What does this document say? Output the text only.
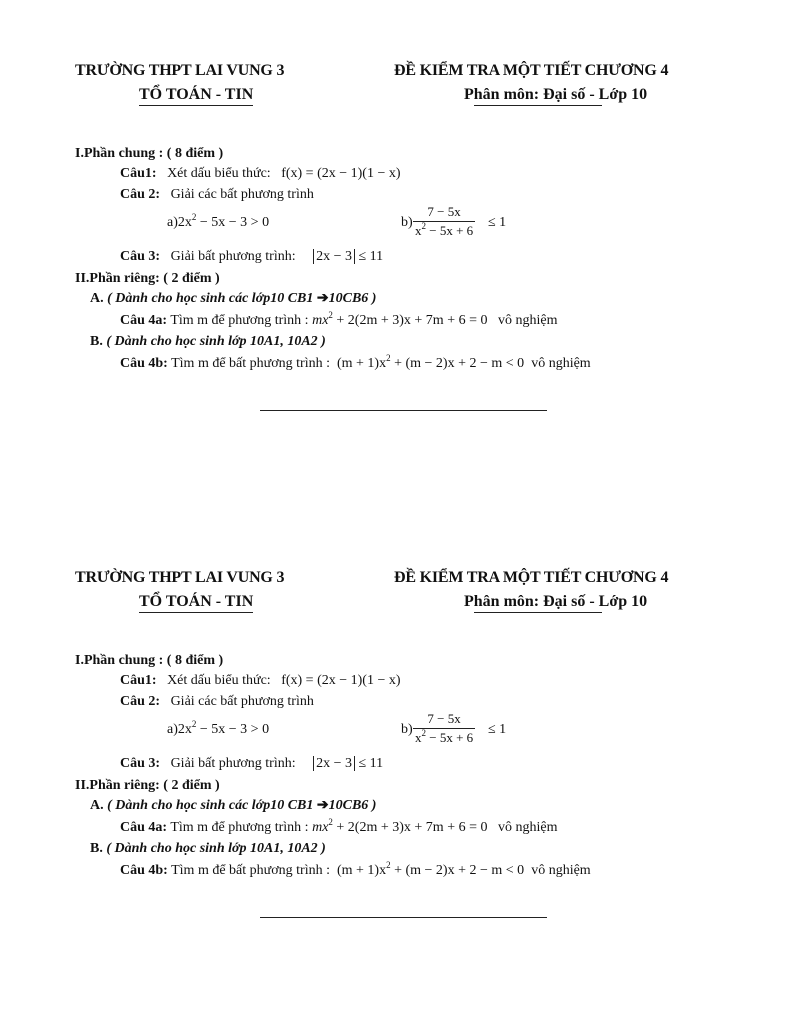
TRƯỜNG THPT LAI VUNG 3
TỔ TOÁN - TIN
ĐỀ KIỂM TRA MỘT TIẾT CHƯƠNG 4
Phân môn: Đại số - Lớp 10
I.Phần chung : ( 8 điểm )
Câu1: Xét dấu biểu thức: f(x) = (2x − 1)(1 − x)
Câu 2: Giải các bất phương trình
$a)2x^2 - 5x - 3 > 0$	b)
7 − 5x
$x^2 - 5x + 6$
≤ 1
Câu 3: Giải bất phương trình: 2x − 3 ≤ 11
II.Phần riêng: ( 2 điểm )
A. ( Dành cho học sinh các lớp10 CB1 ➔10CB6 )
Câu 4a: Tìm m để phương trình : $mx^2 + 2(2m + 3)x + 7m + 6 = 0$ vô nghiệm
B. ( Dành cho học sinh lớp 10A1, 10A2 )
Câu 4b: Tìm m để bất phương trình : $(m + 1)x^2 + (m - 2)x + 2 - m < 0$ vô nghiệm
TRƯỜNG THPT LAI VUNG 3
TỔ TOÁN - TIN
ĐỀ KIỂM TRA MỘT TIẾT CHƯƠNG 4
Phân môn: Đại số - Lớp 10
I.Phần chung : ( 8 điểm )
Câu1: Xét dấu biểu thức: f(x) = (2x − 1)(1 − x)
Câu 2: Giải các bất phương trình
$a)2x^2 - 5x - 3 > 0$	b)
7 − 5x
$x^2 - 5x + 6$
≤ 1
Câu 3: Giải bất phương trình: 2x − 3 ≤ 11
II.Phần riêng: ( 2 điểm )
A. ( Dành cho học sinh các lớp10 CB1 ➔10CB6 )
Câu 4a: Tìm m để phương trình : $mx^2 + 2(2m + 3)x + 7m + 6 = 0$ vô nghiệm
B. ( Dành cho học sinh lớp 10A1, 10A2 )
Câu 4b: Tìm m để bất phương trình : $(m + 1)x^2 + (m - 2)x + 2 - m < 0$ vô nghiệm
